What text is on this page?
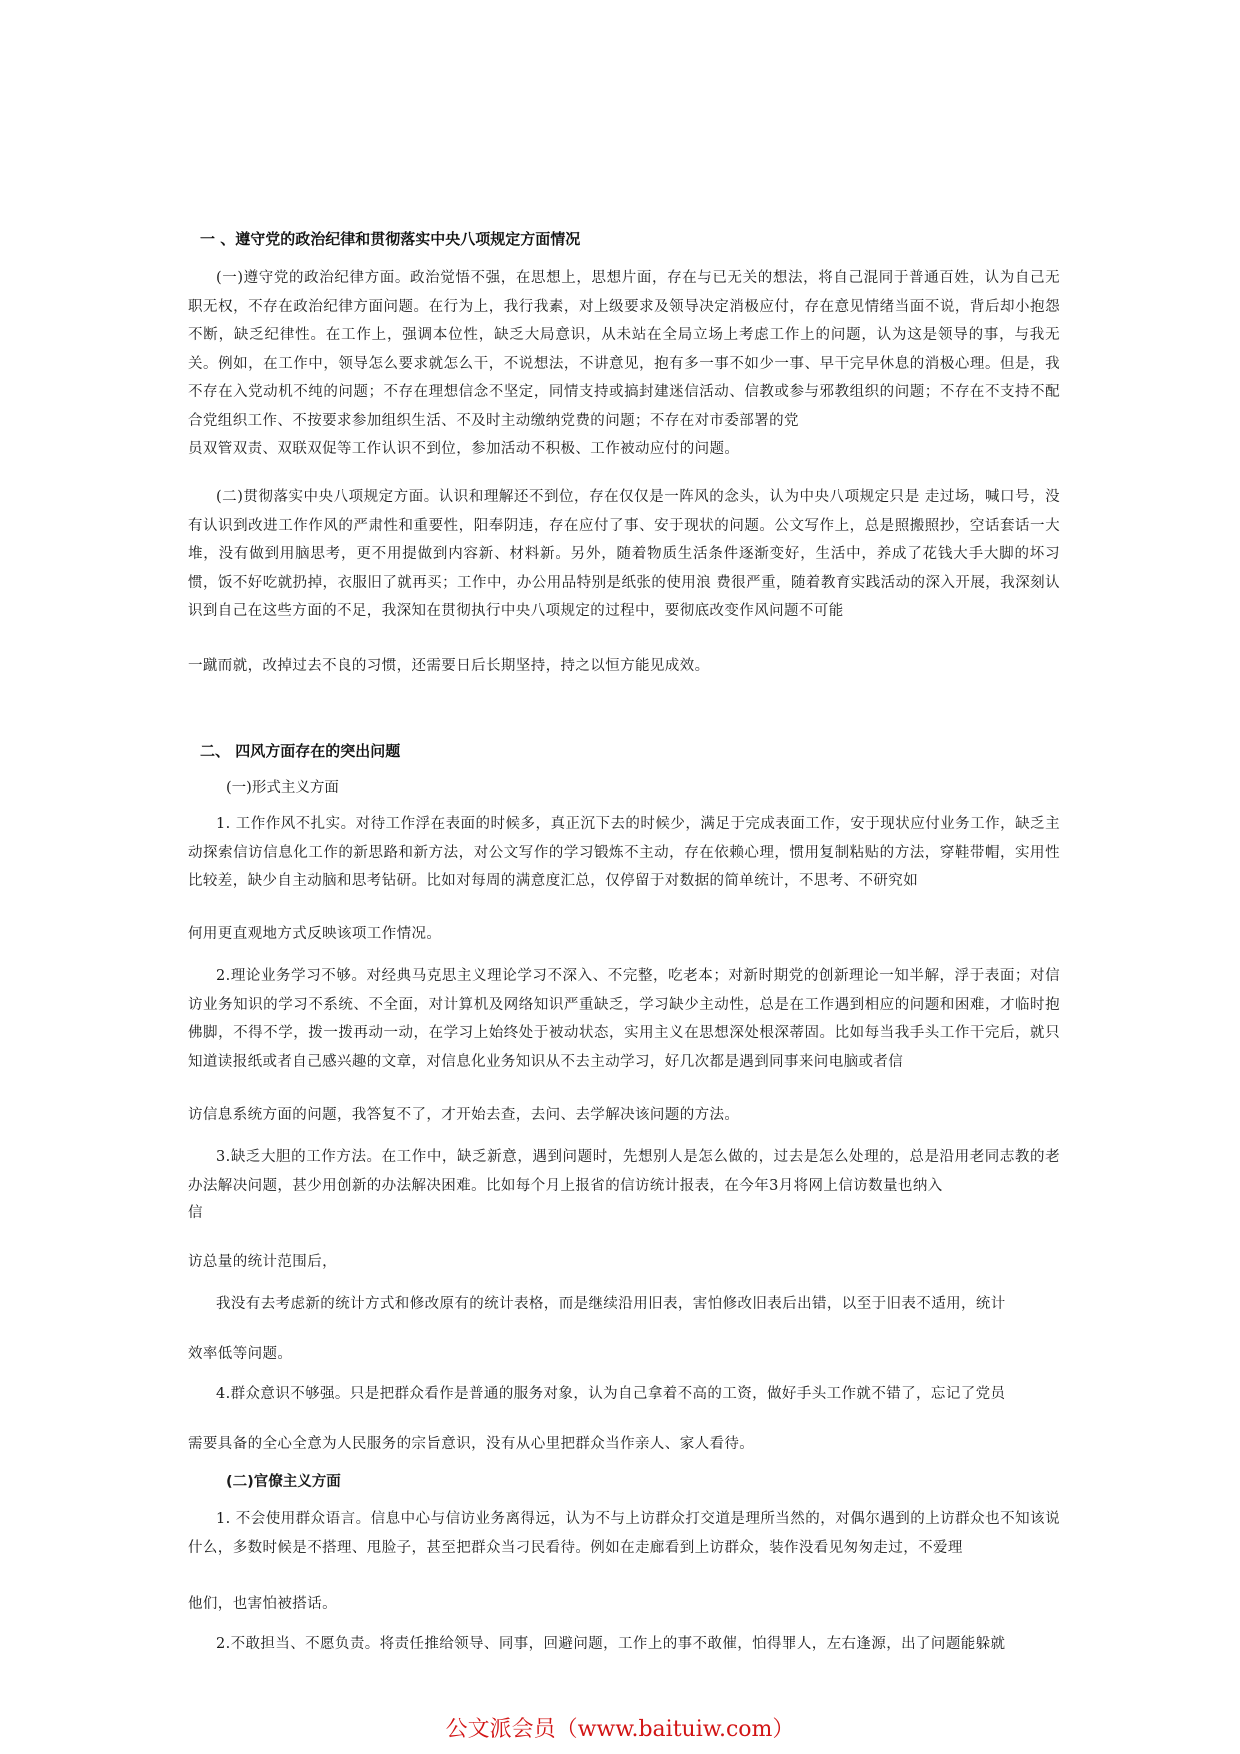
一 、遵守党的政治纪律和贯彻落实中央八项规定方面情况
(一)遵守党的政治纪律方面。政治觉悟不强，在思想上，思想片面，存在与已无关的想法，将自己混同于普通百姓，认为自己无职无权，不存在政治纪律方面问题。在行为上，我行我素，对上级要求及领导决定消极应付，存在意见情绪当面不说，背后却小抱怨不断，缺乏纪律性。在工作上，强调本位性，缺乏大局意识，从未站在全局立场上考虑工作上的问题，认为这是领导的事，与我无关。例如，在工作中，领导怎么要求就怎么干，不说想法，不讲意见，抱有多一事不如少一事、早干完早休息的消极心理。但是，我不存在入党动机不纯的问题；不存在理想信念不坚定，同情支持或搞封建迷信活动、信教或参与邪教组织的问题；不存在不支持不配合党组织工作、不按要求参加组织生活、不及时主动缴纳党费的问题；不存在对市委部署的党
员双管双责、双联双促等工作认识不到位，参加活动不积极、工作被动应付的问题。
(二)贯彻落实中央八项规定方面。认识和理解还不到位，存在仅仅是一阵风的念头，认为中央八项规定只是 走过场，喊口号，没有认识到改进工作作风的严肃性和重要性，阳奉阴违，存在应付了事、安于现状的问题。公文写作上，总是照搬照抄，空话套话一大堆，没有做到用脑思考，更不用提做到内容新、材料新。另外，随着物质生活条件逐渐变好，生活中，养成了花钱大手大脚的坏习惯，饭不好吃就扔掉，衣服旧了就再买；工作中，办公用品特别是纸张的使用浪 费很严重，随着教育实践活动的深入开展，我深刻认识到自己在这些方面的不足，我深知在贯彻执行中央八项规定的过程中，要彻底改变作风问题不可能
一蹴而就，改掉过去不良的习惯，还需要日后长期坚持，持之以恒方能见成效。
二、 四风方面存在的突出问题
(一)形式主义方面
1. 工作作风不扎实。对待工作浮在表面的时候多，真正沉下去的时候少，满足于完成表面工作，安于现状应付业务工作，缺乏主动探索信访信息化工作的新思路和新方法，对公文写作的学习锻炼不主动，存在依赖心理，惯用复制粘贴的方法，穿鞋带帽，实用性比较差，缺少自主动脑和思考钻研。比如对每周的满意度汇总，仅停留于对数据的简单统计，不思考、不研究如
何用更直观地方式反映该项工作情况。
2.理论业务学习不够。对经典马克思主义理论学习不深入、不完整，吃老本；对新时期党的创新理论一知半解，浮于表面；对信访业务知识的学习不系统、不全面，对计算机及网络知识严重缺乏，学习缺少主动性，总是在工作遇到相应的问题和困难，才临时抱佛脚，不得不学，拨一拨再动一动，在学习上始终处于被动状态，实用主义在思想深处根深蒂固。比如每当我手头工作干完后，就只知道读报纸或者自己感兴趣的文章，对信息化业务知识从不去主动学习，好几次都是遇到同事来问电脑或者信
访信息系统方面的问题，我答复不了，才开始去查，去问、去学解决该问题的方法。
3.缺乏大胆的工作方法。在工作中，缺乏新意，遇到问题时，先想别人是怎么做的，过去是怎么处理的，总是沿用老同志教的老办法解决问题，甚少用创新的办法解决困难。比如每个月上报省的信访统计报表，在今年3月将网上信访数量也纳入
信
访总量的统计范围后，
我没有去考虑新的统计方式和修改原有的统计表格，而是继续沿用旧表，害怕修改旧表后出错，以至于旧表不适用，统计
效率低等问题。
4.群众意识不够强。只是把群众看作是普通的服务对象，认为自己拿着不高的工资，做好手头工作就不错了，忘记了党员
需要具备的全心全意为人民服务的宗旨意识，没有从心里把群众当作亲人、家人看待。
(二)官僚主义方面
1. 不会使用群众语言。信息中心与信访业务离得远，认为不与上访群众打交道是理所当然的，对偶尔遇到的上访群众也不知该说什么，多数时候是不搭理、甩脸子，甚至把群众当刁民看待。例如在走廊看到上访群众，装作没看见匆匆走过，不爱理
他们，也害怕被搭话。
2.不敢担当、不愿负责。将责任推给领导、同事，回避问题，工作上的事不敢催，怕得罪人，左右逢源，出了问题能躲就
公文派会员（www.baituiw.com）
